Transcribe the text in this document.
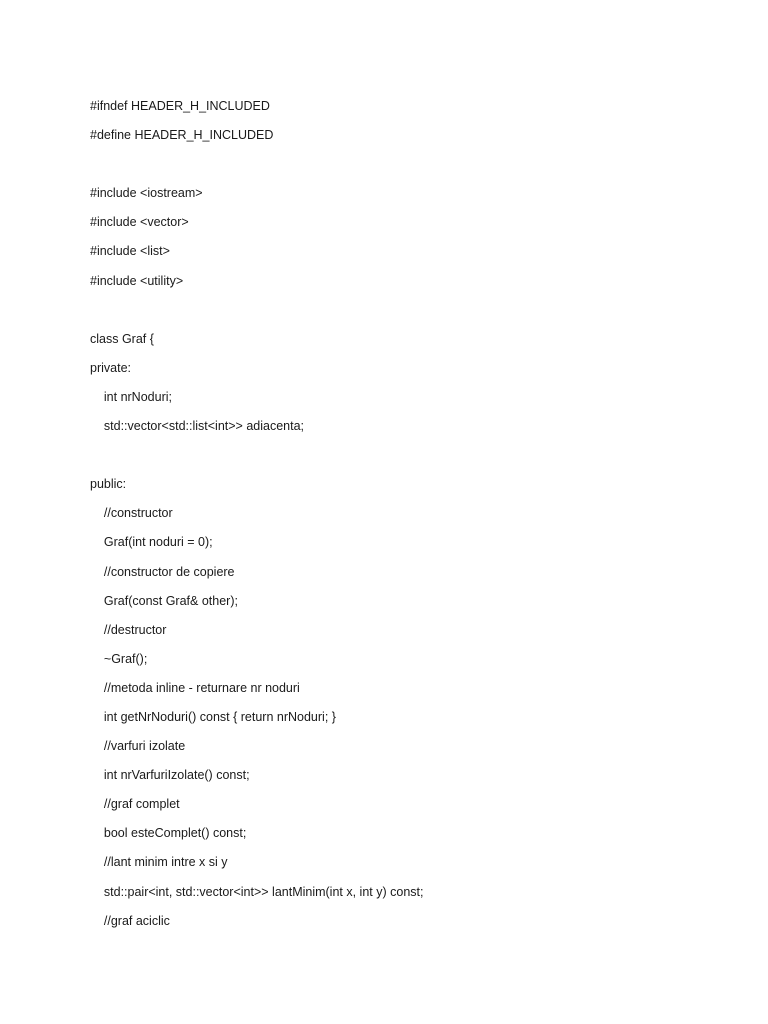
#ifndef HEADER_H_INCLUDED
#define HEADER_H_INCLUDED
#include <iostream>
#include <vector>
#include <list>
#include <utility>
class Graf {
private:
int nrNoduri;
std::vector<std::list<int>> adiacenta;
public:
//constructor
Graf(int noduri = 0);
//constructor de copiere
Graf(const Graf& other);
//destructor
~Graf();
//metoda inline - returnare nr noduri
int getNrNoduri() const { return nrNoduri; }
//varfuri izolate
int nrVarfuriIzolate() const;
//graf complet
bool esteComplet() const;
//lant minim intre x si y
std::pair<int, std::vector<int>> lantMinim(int x, int y) const;
//graf aciclic
